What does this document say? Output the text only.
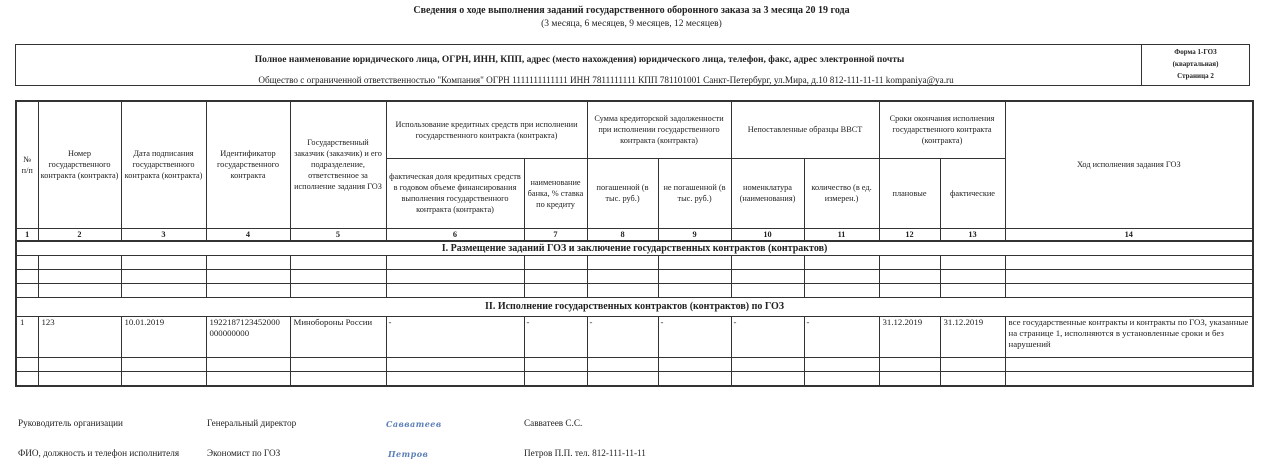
Сведения о ходе выполнения заданий государственного оборонного заказа за 3 месяца 20 19 года
(3 месяца, 6 месяцев, 9 месяцев, 12 месяцев)
Полное наименование юридического лица, ОГРН, ИНН, КПП, адрес (место нахождения) юридического лица, телефон, факс, адрес электронной почты
Общество с ограниченной ответственностью "Компания" ОГРН 1111111111111 ИНН 7811111111 КПП 781101001 Санкт-Петербург, ул.Мира, д.10 812-111-11-11 kompaniya@ya.ru
Форма 1-ГОЗ
(квартальная)
Страница 2
№ п/п	Номер государственного контракта (контракта)	Дата подписания государственного контракта (контракта)	Идентификатор государственного контракта	Государственный заказчик (заказчик) и его подразделение, ответственное за исполнение задания ГОЗ	Использование кредитных средств при исполнении государственного контракта (контракта)		Сумма кредиторской задолженности при исполнении государственного контракта (контракта)		Непоставленные образцы ВВСТ		Сроки окончания исполнения государственного контракта (контракта)		Ход исполнения задания ГОЗ
					фактическая доля кредитных средств в годовом объеме финансирования выполнения государственного контракта (контракта)	наименование банка, % ставка по кредиту	погашенной (в тыс. руб.)	не погашенной (в тыс. руб.)	номенклатура (наименования)	количество (в ед. измерен.)	плановые	фактические	
1	2	3	4	5	6	7	8	9	10	11	12	13	14
I. Размещение заданий ГОЗ и заключение государственных контрактов (контрактов)													

II. Исполнение государственных контрактов (контрактов) по ГОЗ													
1	123	10.01.2019	1922187123452000 000000000	Минобороны России	-	-	-	-	-	-	31.12.2019	31.12.2019	все государственные контракты и контракты по ГОЗ, указанные на странице 1, исполняются в установленные сроки и без нарушений

Руководитель организации	Генеральный директор	Савватеев	Савватеев С.С.
ФИО, должность и телефон исполнителя	Экономист по ГОЗ	Петров	Петров П.П. тел. 812-111-11-11
